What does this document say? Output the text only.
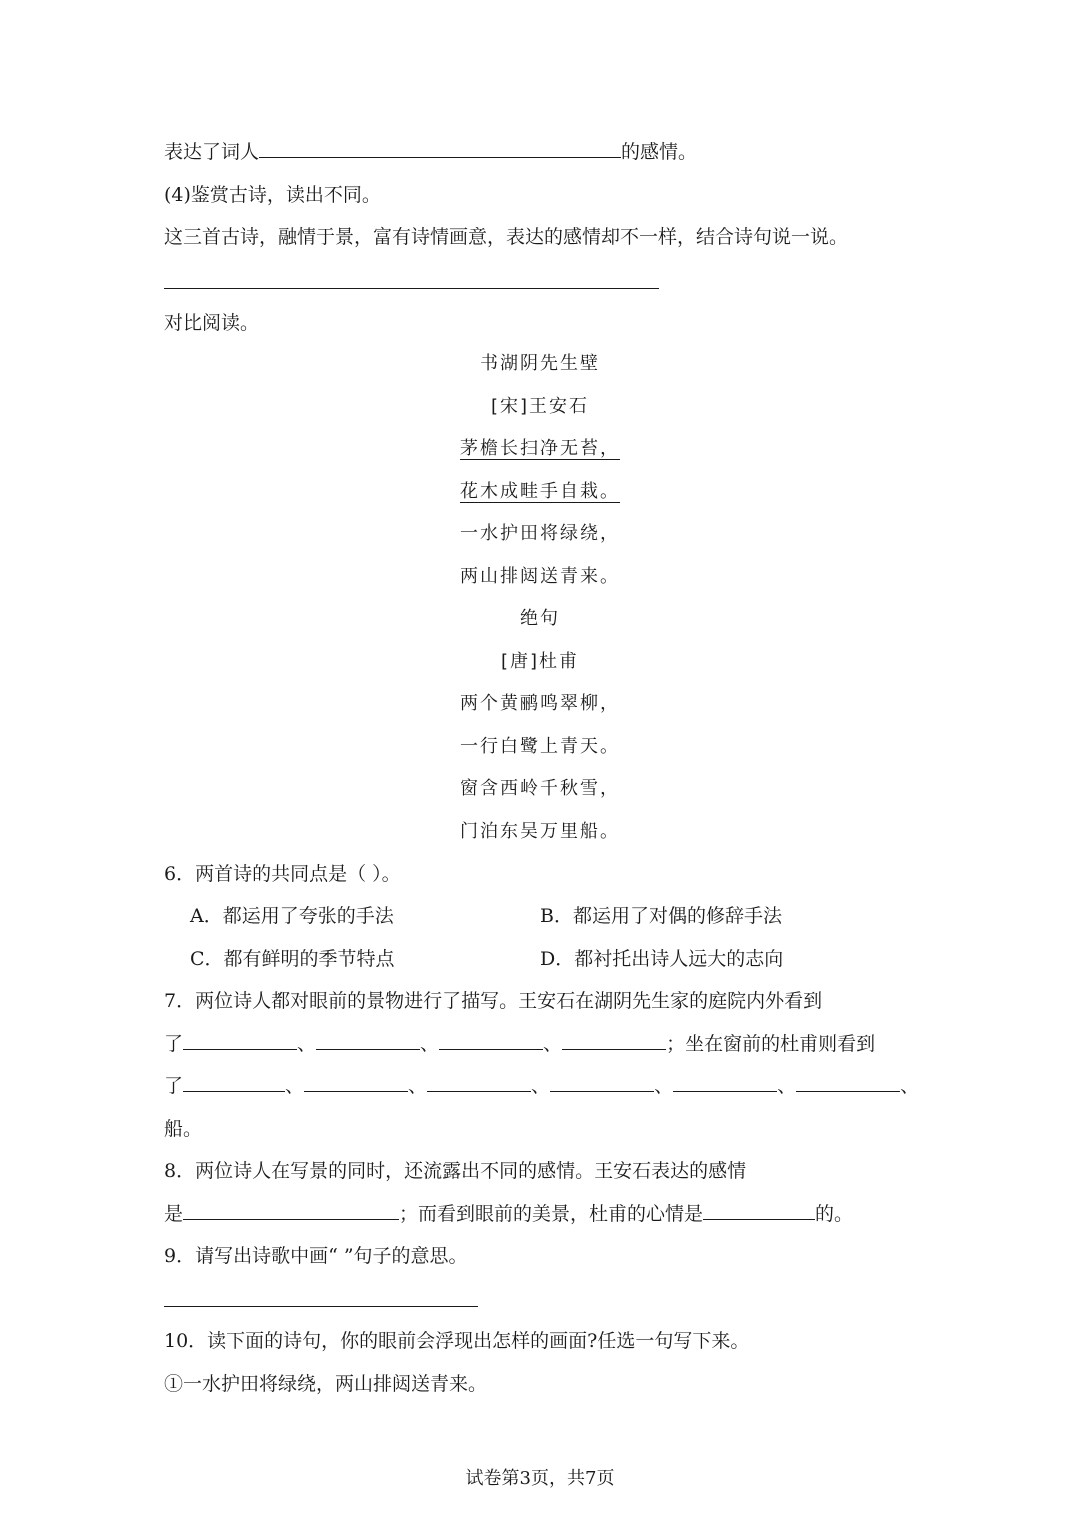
表达了词人	的感情。
(4)鉴赏古诗，读出不同。
这三首古诗，融情于景，富有诗情画意，表达的感情却不一样，结合诗句说一说。
对比阅读。
书湖阴先生壁
[宋]王安石
茅檐长扫净无苔，
花木成畦手自栽。
一水护田将绿绕，
两山排闼送青来。
绝句
[唐]杜甫
两个黄鹂鸣翠柳，
一行白鹭上青天。
窗含西岭千秋雪，
门泊东吴万里船。
6．两首诗的共同点是（ ）。
A．都运用了夸张的手法	B．都运用了对偶的修辞手法
C．都有鲜明的季节特点	D．都衬托出诗人远大的志向
7．两位诗人都对眼前的景物进行了描写。王安石在湖阴先生家的庭院内外看到
了	、	、	、	；坐在窗前的杜甫则看到
了	、	、	、	、	、	、
船。
8．两位诗人在写景的同时，还流露出不同的感情。王安石表达的感情
是	；而看到眼前的美景，杜甫的心情是	的。
9．请写出诗歌中画“ ”句子的意思。
10．读下面的诗句，你的眼前会浮现出怎样的画面?任选一句写下来。
①一水护田将绿绕，两山排闼送青来。
试卷第3页，共7页
